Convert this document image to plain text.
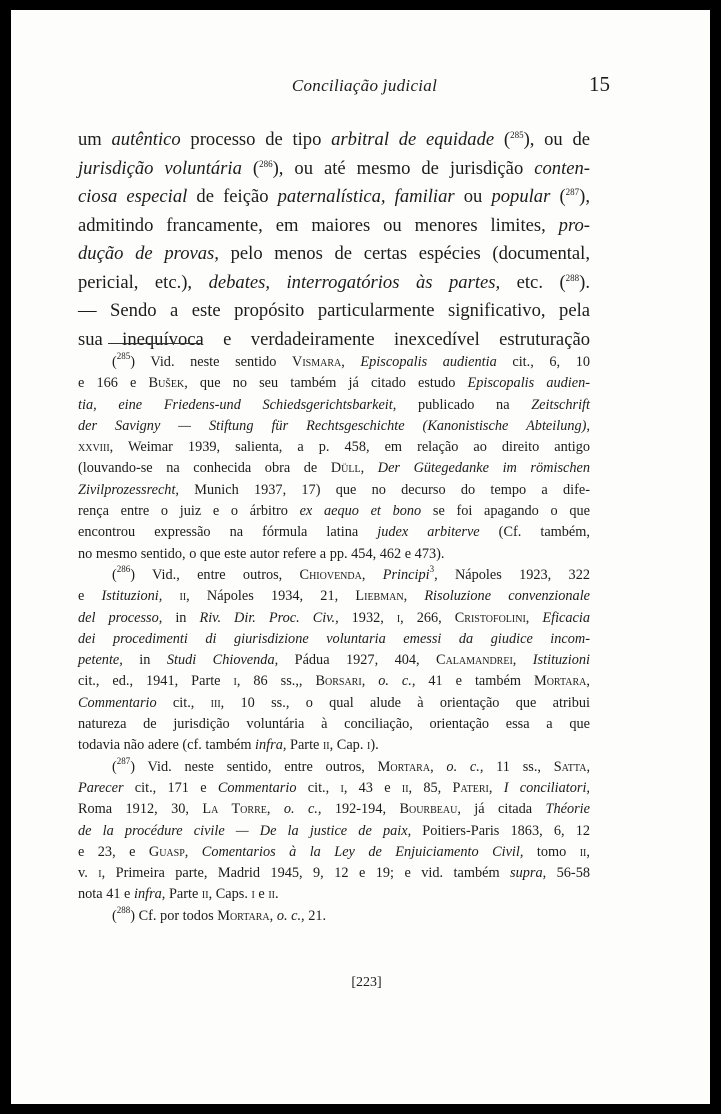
Conciliação judicial	15
um autêntico processo de tipo arbitral de equidade ($^{285}$), ou de
jurisdição voluntária ($^{286}$), ou até mesmo de jurisdição conten-
ciosa especial de feição paternalística, familiar ou popular ($^{287}$),
admitindo francamente, em maiores ou menores limites, pro-
dução de provas, pelo menos de certas espécies (documental,
pericial, etc.), debates, interrogatórios às partes, etc. ($^{288}$).
— Sendo a este propósito particularmente significativo, pela
sua inequívoca e verdadeiramente inexcedível estruturação
($^{285}$) Vid. neste sentido Vismara, Episcopalis audientia cit., 6, 10
e 166 e Bušek, que no seu também já citado estudo Episcopalis audien-
tia, eine Friedens-und Schiedsgerichtsbarkeit, publicado na Zeitschrift
der Savigny — Stiftung für Rechtsgeschichte (Kanonistische Abteilung),
xxviii, Weimar 1939, salienta, a p. 458, em relação ao direito antigo
(louvando-se na conhecida obra de Düll, Der Gütegedanke im römischen
Zivilprozessrecht, Munich 1937, 17) que no decurso do tempo a dife-
rença entre o juiz e o árbitro ex aequo et bono se foi apagando o que
encontrou expressão na fórmula latina judex arbiterve (Cf. também,
no mesmo sentido, o que este autor refere a pp. 454, 462 e 473).
($^{286}$) Vid., entre outros, Chiovenda, Principi$^3$, Nápoles 1923, 322
e Istituzioni, ii, Nápoles 1934, 21, Liebman, Risoluzione convenzionale
del processo, in Riv. Dir. Proc. Civ., 1932, i, 266, Cristofolini, Eficacia
dei procedimenti di giurisdizione voluntaria emessi da giudice incom-
petente, in Studi Chiovenda, Pádua 1927, 404, Calamandrei, Istituzioni
cit., ed., 1941, Parte i, 86 ss.,, Borsari, o. c., 41 e também Mortara,
Commentario cit., iii, 10 ss., o qual alude à orientação que atribui
natureza de jurisdição voluntária à conciliação, orientação essa a que
todavia não adere (cf. também infra, Parte ii, Cap. i).
($^{287}$) Vid. neste sentido, entre outros, Mortara, o. c., 11 ss., Satta,
Parecer cit., 171 e Commentario cit., i, 43 e ii, 85, Pateri, I conciliatori,
Roma 1912, 30, La Torre, o. c., 192-194, Bourbeau, já citada Théorie
de la procédure civile — De la justice de paix, Poitiers-Paris 1863, 6, 12
e 23, e Guasp, Comentarios à la Ley de Enjuiciamento Civil, tomo ii,
v. i, Primeira parte, Madrid 1945, 9, 12 e 19; e vid. também supra, 56-58
nota 41 e infra, Parte ii, Caps. i e ii.
($^{288}$) Cf. por todos Mortara, o. c., 21.
[223]
